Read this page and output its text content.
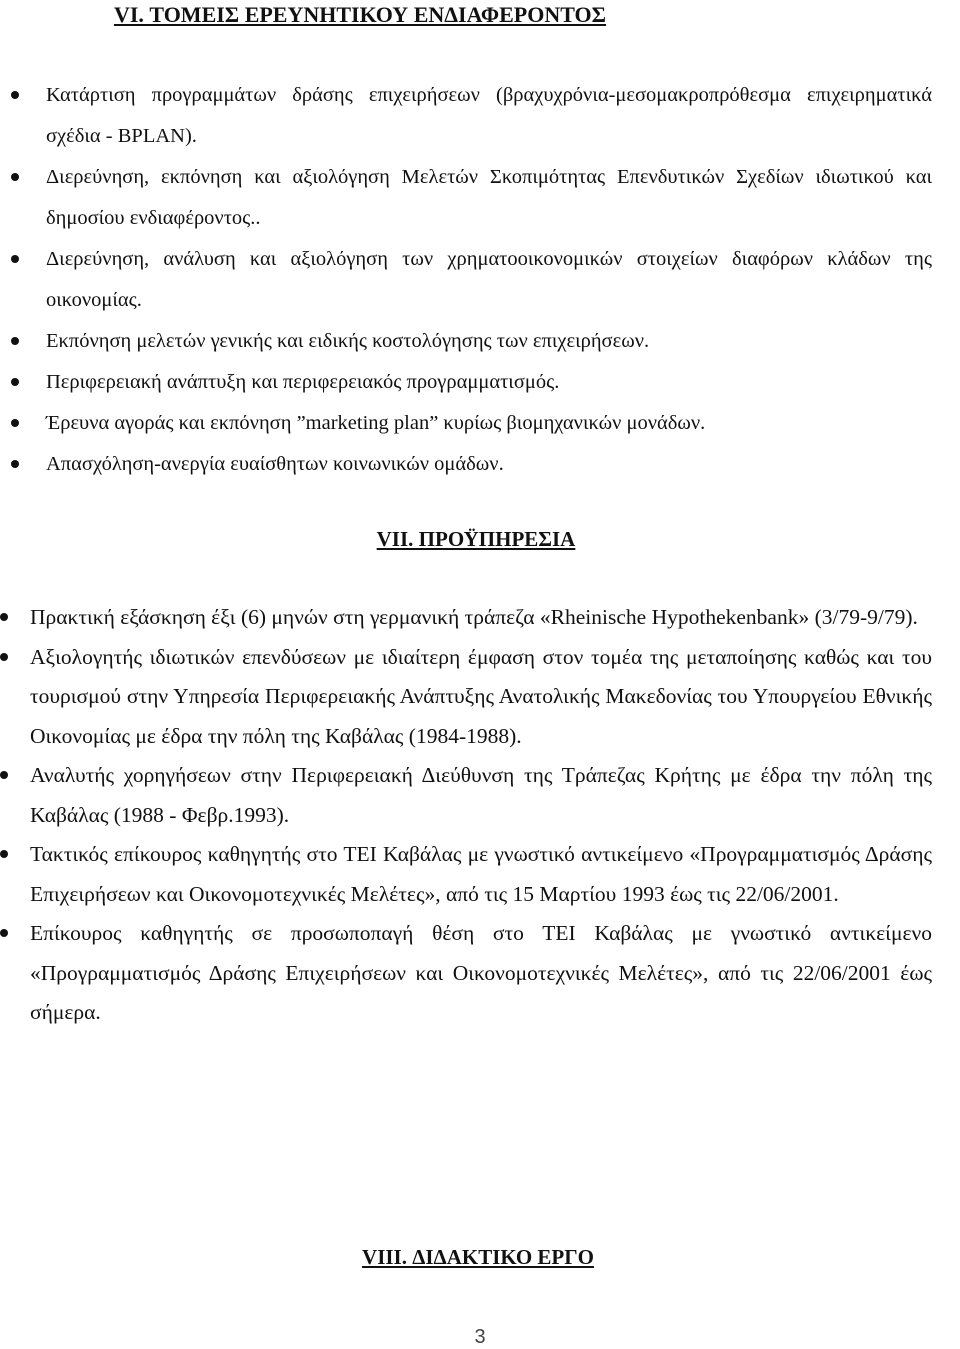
VI. ΤΟΜΕΙΣ ΕΡΕΥΝΗΤΙΚΟΥ ΕΝΔΙΑΦΕΡΟΝΤΟΣ
Κατάρτιση προγραμμάτων δράσης επιχειρήσεων (βραχυχρόνια-μεσομακροπρόθεσμα επιχειρηματικά σχέδια - BPLAN).
Διερεύνηση, εκπόνηση και αξιολόγηση Μελετών Σκοπιμότητας Επενδυτικών Σχεδίων ιδιωτικού και δημοσίου ενδιαφέροντος..
Διερεύνηση, ανάλυση και αξιολόγηση των χρηματοοικονομικών στοιχείων διαφόρων κλάδων της οικονομίας.
Εκπόνηση μελετών γενικής και ειδικής κοστολόγησης των επιχειρήσεων.
Περιφερειακή ανάπτυξη και περιφερειακός προγραμματισμός.
Έρευνα αγοράς και εκπόνηση ”marketing plan” κυρίως βιομηχανικών μονάδων.
Απασχόληση-ανεργία ευαίσθητων κοινωνικών ομάδων.
VII. ΠΡΟΫΠΗΡΕΣΙΑ
Πρακτική εξάσκηση έξι (6) μηνών στη γερμανική τράπεζα «Rheinische Hypothekenbank» (3/79-9/79).
Αξιολογητής ιδιωτικών επενδύσεων με ιδιαίτερη έμφαση στον τομέα της μεταποίησης καθώς και του τουρισμού στην Υπηρεσία Περιφερειακής Ανάπτυξης Ανατολικής Μακεδονίας του Υπουργείου Εθνικής Οικονομίας με έδρα την πόλη της Καβάλας (1984-1988).
Αναλυτής χορηγήσεων στην Περιφερειακή Διεύθυνση της Τράπεζας Κρήτης με έδρα την πόλη της Καβάλας (1988 - Φεβρ.1993).
Τακτικός επίκουρος καθηγητής στο ΤΕΙ Καβάλας με γνωστικό αντικείμενο «Προγραμματισμός Δράσης Επιχειρήσεων και Οικονομοτεχνικές Μελέτες», από τις 15 Μαρτίου 1993 έως τις 22/06/2001.
Επίκουρος καθηγητής σε προσωποπαγή θέση στο ΤΕΙ Καβάλας με γνωστικό αντικείμενο «Προγραμματισμός Δράσης Επιχειρήσεων και Οικονομοτεχνικές Μελέτες», από τις 22/06/2001 έως σήμερα.
VIII. ΔΙΔΑΚΤΙΚΟ ΕΡΓΟ

3
